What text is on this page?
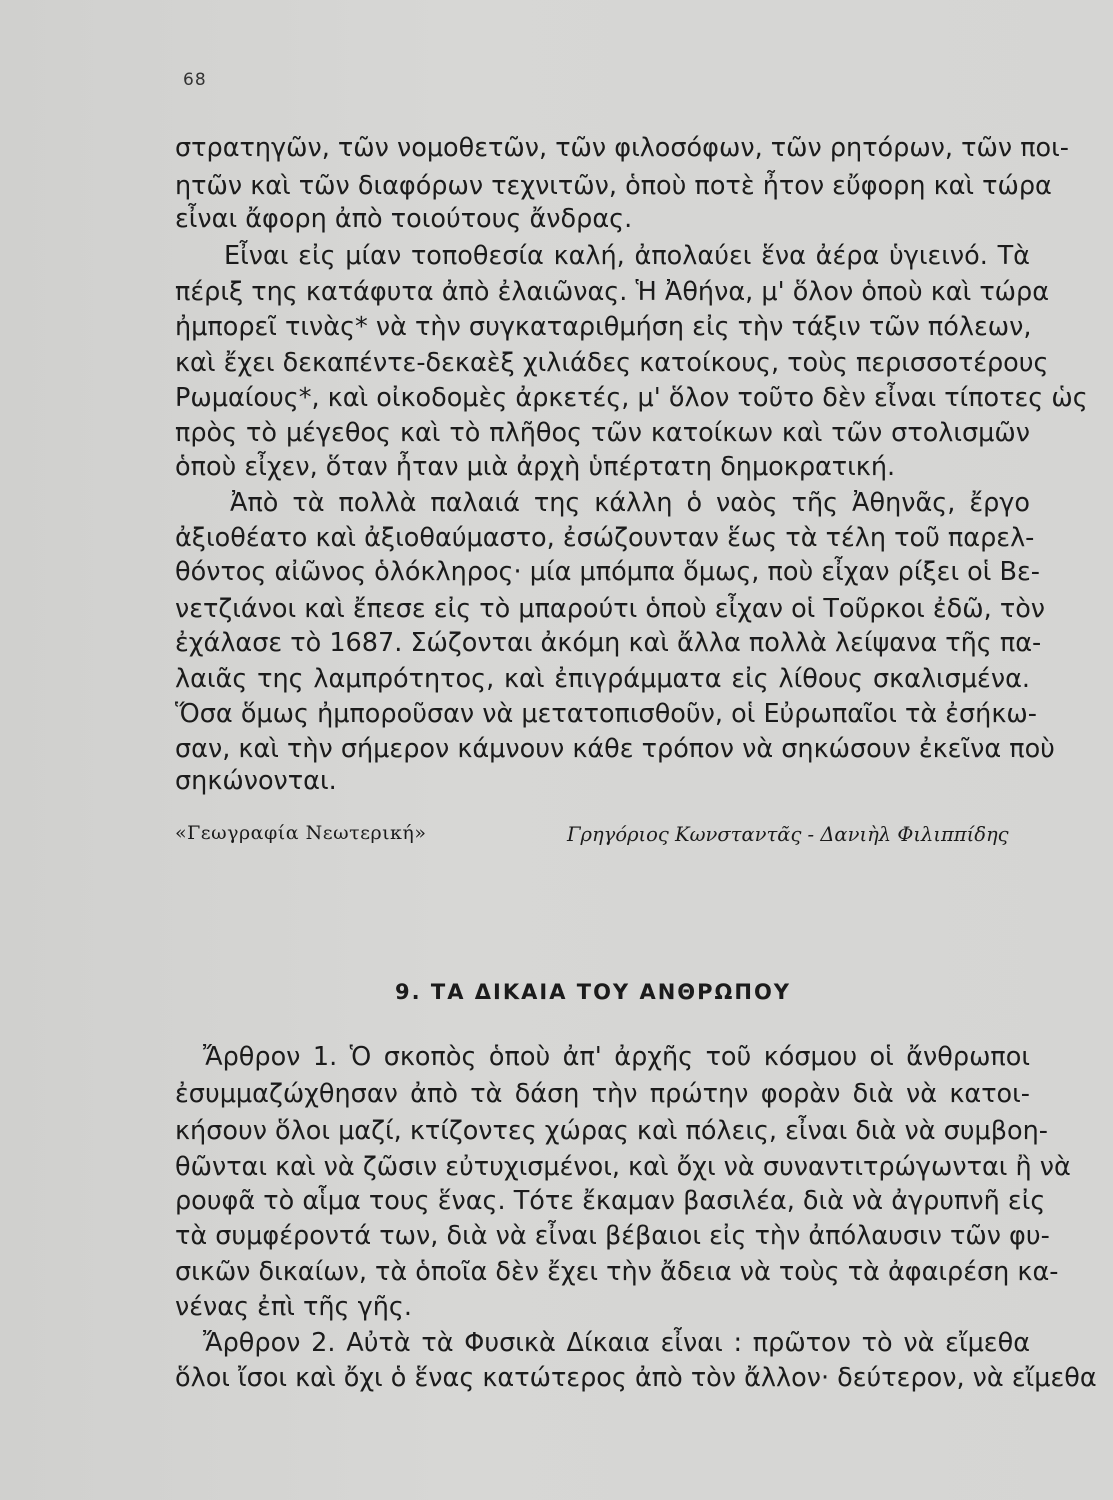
68
στρατηγῶν, τῶν νομοθετῶν, τῶν φιλοσόφων, τῶν ρητόρων, τῶν ποι-
ητῶν καὶ τῶν διαφόρων τεχνιτῶν, ὁποὺ ποτὲ ἦτον εὔφορη καὶ τώρα
εἶναι ἄφορη ἀπὸ τοιούτους ἄνδρας.
Εἶναι εἰς μίαν τοποθεσία καλή, ἀπολαύει ἕνα ἀέρα ὑγιεινό. Τὰ
πέριξ της κατάφυτα ἀπὸ ἐλαιῶνας. Ἡ Ἀθήνα, μ' ὅλον ὁποὺ καὶ τώρα
ἠμπορεῖ τινὰς* νὰ τὴν συγκαταριθμήση εἰς τὴν τάξιν τῶν πόλεων,
καὶ ἔχει δεκαπέντε-δεκαὲξ χιλιάδες κατοίκους, τοὺς περισσοτέρους
Ρωμαίους*, καὶ οἰκοδομὲς ἀρκετές, μ' ὅλον τοῦτο δὲν εἶναι τίποτες ὡς
πρὸς τὸ μέγεθος καὶ τὸ πλῆθος τῶν κατοίκων καὶ τῶν στολισμῶν
ὁποὺ εἶχεν, ὅταν ἦταν μιὰ ἀρχὴ ὑπέρτατη δημοκρατική.
Ἀπὸ τὰ πολλὰ παλαιά της κάλλη ὁ ναὸς τῆς Ἀθηνᾶς, ἔργο
ἀξιοθέατο καὶ ἀξιοθαύμαστο, ἐσώζουνταν ἕως τὰ τέλη τοῦ παρελ-
θόντος αἰῶνος ὁλόκληρος· μία μπόμπα ὅμως, ποὺ εἶχαν ρίξει οἱ Βε-
νετζιάνοι καὶ ἔπεσε εἰς τὸ μπαρούτι ὁποὺ εἶχαν οἱ Τοῦρκοι ἐδῶ, τὸν
ἐχάλασε τὸ 1687. Σώζονται ἀκόμη καὶ ἄλλα πολλὰ λείψανα τῆς πα-
λαιᾶς της λαμπρότητος, καὶ ἐπιγράμματα εἰς λίθους σκαλισμένα.
Ὅσα ὅμως ἠμποροῦσαν νὰ μετατοπισθοῦν, οἱ Εὐρωπαῖοι τὰ ἐσήκω-
σαν, καὶ τὴν σήμερον κάμνουν κάθε τρόπον νὰ σηκώσουν ἐκεῖνα ποὺ
σηκώνονται.
«Γεωγραφία Νεωτερική»	Γρηγόριος Κωνσταντᾶς - Δανιὴλ Φιλιππίδης
9. ΤΑ ΔΙΚΑΙΑ ΤΟΥ ΑΝΘΡΩΠΟΥ
Ἄρθρον 1. Ὁ σκοπὸς ὁποὺ ἀπ' ἀρχῆς τοῦ κόσμου οἱ ἄνθρωποι
ἐσυμμαζώχθησαν ἀπὸ τὰ δάση τὴν πρώτην φορὰν διὰ νὰ κατοι-
κήσουν ὅλοι μαζί, κτίζοντες χώρας καὶ πόλεις, εἶναι διὰ νὰ συμβοη-
θῶνται καὶ νὰ ζῶσιν εὐτυχισμένοι, καὶ ὄχι νὰ συναντιτρώγωνται ἢ νὰ
ρουφᾶ τὸ αἷμα τους ἕνας. Τότε ἔκαμαν βασιλέα, διὰ νὰ ἀγρυπνῆ εἰς
τὰ συμφέροντά των, διὰ νὰ εἶναι βέβαιοι εἰς τὴν ἀπόλαυσιν τῶν φυ-
σικῶν δικαίων, τὰ ὁποῖα δὲν ἔχει τὴν ἄδεια νὰ τοὺς τὰ ἀφαιρέση κα-
νένας ἐπὶ τῆς γῆς.
Ἄρθρον 2. Αὐτὰ τὰ Φυσικὰ Δίκαια εἶναι : πρῶτον τὸ νὰ εἴμεθα
ὅλοι ἴσοι καὶ ὄχι ὁ ἕνας κατώτερος ἀπὸ τὸν ἄλλον· δεύτερον, νὰ εἴμεθα
